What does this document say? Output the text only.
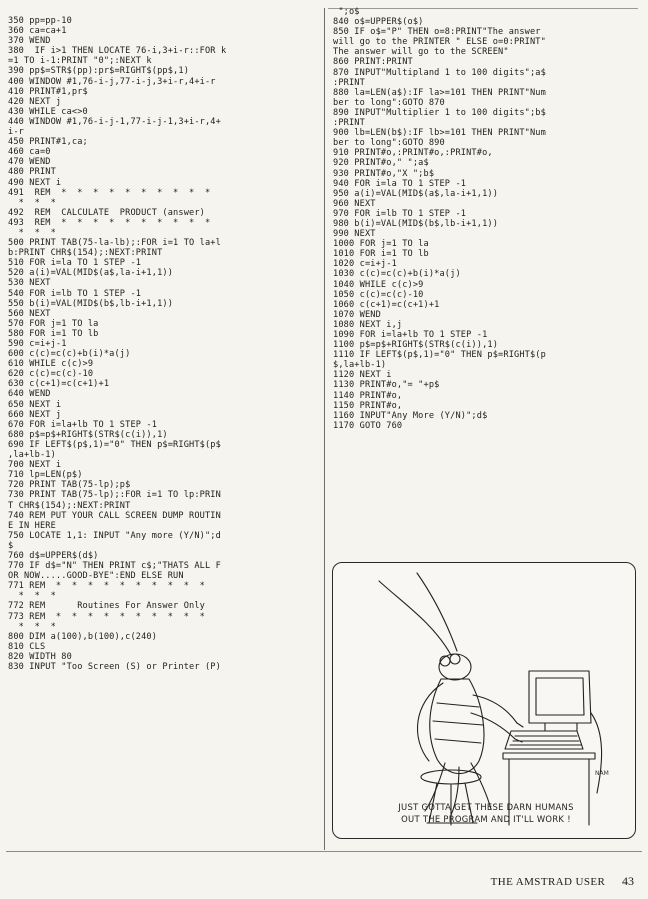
350 pp=pp-10
360 ca=ca+1
370 WEND
380  IF i>1 THEN LOCATE 76-i,3+i-r::FOR k
=1 TO i-1:PRINT "0";:NEXT k
390 pp$=STR$(pp):pr$=RIGHT$(pp$,1)
400 WINDOW #1,76-i-j,77-i-j,3+i-r,4+i-r
410 PRINT#1,pr$
420 NEXT j
430 WHILE ca<>0
440 WINDOW #1,76-i-j-1,77-i-j-1,3+i-r,4+
i-r
450 PRINT#1,ca;
460 ca=0
470 WEND
480 PRINT
490 NEXT i
491  REM  *  *  *  *  *  *  *  *  *  *
*  *  *
492  REM  CALCULATE  PRODUCT (answer)
493  REM  *  *  *  *  *  *  *  *  *  *
*  *  *
500 PRINT TAB(75-la-lb);:FOR i=1 TO la+l
b:PRINT CHR$(154);:NEXT:PRINT
510 FOR i=la TO 1 STEP -1
520 a(i)=VAL(MID$(a$,la-i+1,1))
530 NEXT
540 FOR i=lb TO 1 STEP -1
550 b(i)=VAL(MID$(b$,lb-i+1,1))
560 NEXT
570 FOR j=1 TO la
580 FOR i=1 TO lb
590 c=i+j-1
600 c(c)=c(c)+b(i)*a(j)
610 WHILE c(c)>9
620 c(c)=c(c)-10
630 c(c+1)=c(c+1)+1
640 WEND
650 NEXT i
660 NEXT j
670 FOR i=la+lb TO 1 STEP -1
680 p$=p$+RIGHT$(STR$(c(i)),1)
690 IF LEFT$(p$,1)="0" THEN p$=RIGHT$(p$
,la+lb-1)
700 NEXT i
710 lp=LEN(p$)
720 PRINT TAB(75-lp);p$
730 PRINT TAB(75-lp);:FOR i=1 TO lp:PRIN
T CHR$(154);:NEXT:PRINT
740 REM PUT YOUR CALL SCREEN DUMP ROUTIN
E IN HERE
750 LOCATE 1,1: INPUT "Any more (Y/N)";d
$
760 d$=UPPER$(d$)
770 IF d$="N" THEN PRINT c$;"THATS ALL F
OR NOW.....GOOD-BYE":END ELSE RUN
771 REM  *  *  *  *  *  *  *  *  *  *
*  *  *
772 REM      Routines For Answer Only
773 REM  *  *  *  *  *  *  *  *  *  *
*  *  *
800 DIM a(100),b(100),c(240)
810 CLS
820 WIDTH 80
830 INPUT "Too Screen (S) or Printer (P)
";o$
840 o$=UPPER$(o$)
850 IF o$="P" THEN o=8:PRINT"The answer
will go to the PRINTER " ELSE o=0:PRINT"
The answer will go to the SCREEN"
860 PRINT:PRINT
870 INPUT"Multipland 1 to 100 digits";a$
:PRINT
880 la=LEN(a$):IF la>=101 THEN PRINT"Num
ber to long":GOTO 870
890 INPUT"Multiplier 1 to 100 digits";b$
:PRINT
900 lb=LEN(b$):IF lb>=101 THEN PRINT"Num
ber to long":GOTO 890
910 PRINT#o,:PRINT#o,:PRINT#o,
920 PRINT#o," ";a$
930 PRINT#o,"X ";b$
940 FOR i=la TO 1 STEP -1
950 a(i)=VAL(MID$(a$,la-i+1,1))
960 NEXT
970 FOR i=lb TO 1 STEP -1
980 b(i)=VAL(MID$(b$,lb-i+1,1))
990 NEXT
1000 FOR j=1 TO la
1010 FOR i=1 TO lb
1020 c=i+j-1
1030 c(c)=c(c)+b(i)*a(j)
1040 WHILE c(c)>9
1050 c(c)=c(c)-10
1060 c(c+1)=c(c+1)+1
1070 WEND
1080 NEXT i,j
1090 FOR i=la+lb TO 1 STEP -1
1100 p$=p$+RIGHT$(STR$(c(i)),1)
1110 IF LEFT$(p$,1)="0" THEN p$=RIGHT$(p
$,la+lb-1)
1120 NEXT i
1130 PRINT#o,"= "+p$
1140 PRINT#o,
1150 PRINT#o,
1160 INPUT"Any More (Y/N)";d$
1170 GOTO 760
NAM
JUST GOTTA GET THESE DARN HUMANS
OUT THE PROGRAM AND IT'LL WORK !
THE AMSTRAD USER 43
